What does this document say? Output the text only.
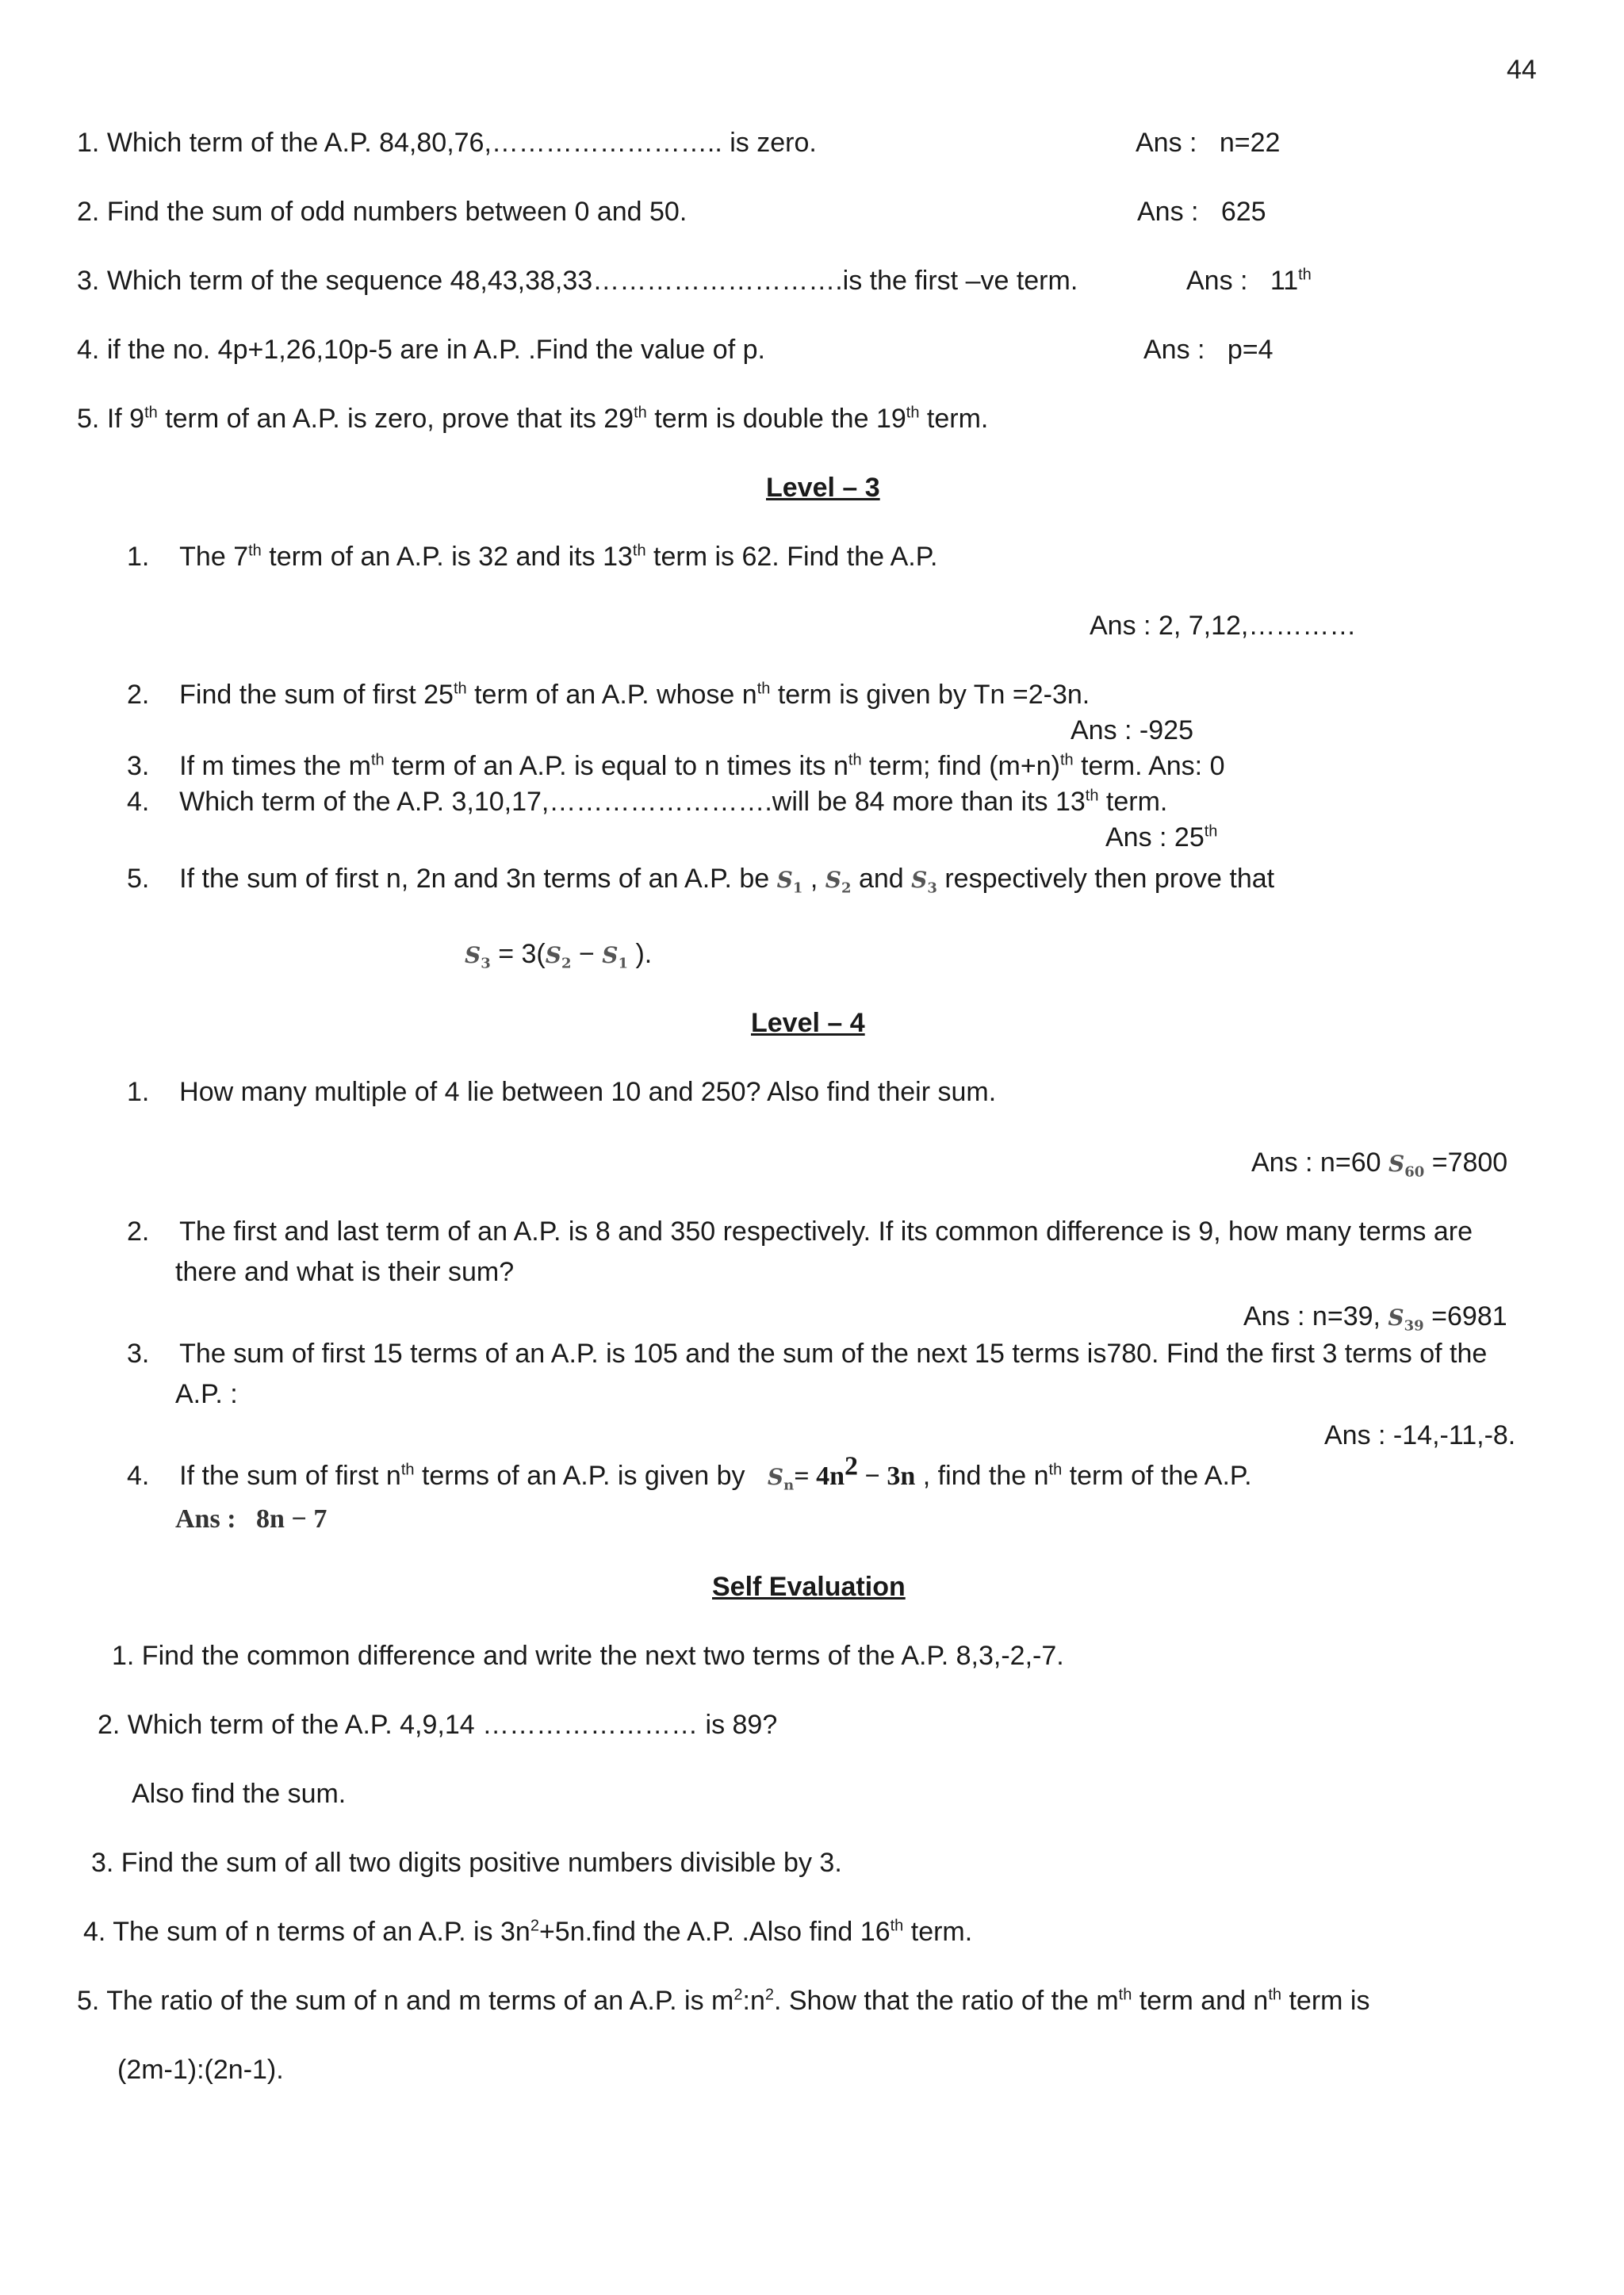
44
1. Which term of the A.P. 84,80,76,…………………….. is zero.	Ans : n=22
2. Find the sum of odd numbers between 0 and 50.	Ans : 625
3. Which term of the sequence 48,43,38,33……………………….is the first –ve term.	Ans : 11th
4. if the no. 4p+1,26,10p-5 are in A.P. .Find the value of p.	Ans : p=4
5. If 9th term of an A.P. is zero, prove that its 29th term is double the 19th term.
Level – 3
1. The 7th term of an A.P. is 32 and its 13th term is 62. Find the A.P.
Ans : 2, 7,12,…………
2. Find the sum of first 25th term of an A.P. whose $n^{th}$ term is given by Tn =2-3n.
Ans : -925
3. If m times the $m^{th}$ term of an A.P. is equal to n times its $n^{th}$ term; find $(m+n)^{th}$ term. Ans: 0
4. Which term of the A.P. 3,10,17,…………………….will be 84 more than its 13th term.
Ans : 25th
5. If the sum of first n, 2n and 3n terms of an A.P. be $S_1$ , $S_2$ and $S_3$ respectively then prove that
$S_3 = 3(S_2 - S_1$ ).
Level – 4
1. How many multiple of 4 lie between 10 and 250? Also find their sum.
Ans : n=60 $S_{60} =7800$
2. The first and last term of an A.P. is 8 and 350 respectively. If its common difference is 9, how many terms are
there and what is their sum?
Ans : n=39, $S_{39} =6981$
3. The sum of first 15 terms of an A.P. is 105 and the sum of the next 15 terms is780. Find the first 3 terms of the
A.P. :
Ans : -14,-11,-8.
4. If the sum of first $n^{th}$ terms of an A.P. is given by   $S_n= 4n2 - 3n$ , find the $n^{th}$ term of the A.P.
Ans : 8n − 7
Self Evaluation
1. Find the common difference and write the next two terms of the A.P. 8,3,-2,-7.
2. Which term of the A.P. 4,9,14 …………………… is 89?
Also find the sum.
3. Find the sum of all two digits positive numbers divisible by 3.
4. The sum of n terms of an A.P. is $3n^2+5n.find$ the A.P. .Also find 16th term.
5. The ratio of the sum of n and m terms of an A.P. is $m^2:n^2$. Show that the ratio of the $m^{th}$ term and $n^{th}$ term is
(2m-1):(2n-1).
